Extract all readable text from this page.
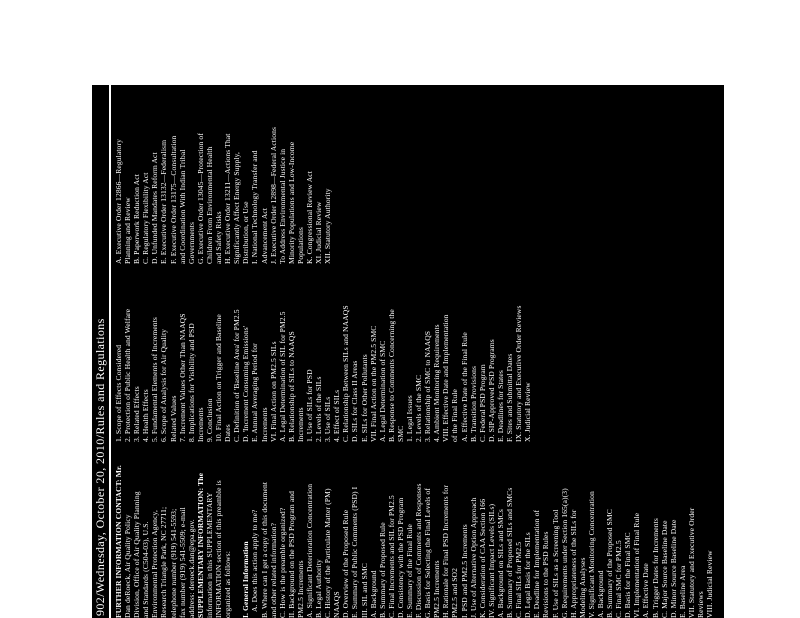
902/Wednesday, October 20, 2010/Rules and Regulations
FURTHER INFORMATION CONTACT: Mr. Dan deRoeck, Air Quality Policy Division, Office of Air Quality Planning and Standards (C504-03), U.S. Environmental Protection Agency, Research Triangle Park, NC 27711; telephone number (919) 541-5593; fax number (919) 541-5509; e-mail address: deroeck.dan@epa.gov. SUPPLEMENTARY INFORMATION: The information in this SUPPLEMENTARY INFORMATION section of this preamble is organized as follows:
I. General Information A. Does this action apply to me? B. Where can I get a copy of this document and other related information? C. How is the preamble organized? II. Background on the PSD Program and PM2.5 Increments A. Significant Deterioration Concentration B. Legal Authority C. History of the Particulate Matter (PM) NAAQS D. Overview of the Proposed Rule E. Summary of Public Comments (PSD) I III. SIL and SMC A. Background B. Summary of Proposed Rule C. Final Increments and SIL for PM2.5 D. Consistency with the PSD Program E. Summary of the Final Rule F. Discussion of Comments and Responses G. Basis for Selecting the Final Levels of PM2.5 Increments H. Rationale for Final PSD Increments for PM2.5 and SO2 I. PSD and PM2.5 Increments J. Use of Alternative Option Approach K. Consideration of CAA Section 166 IV. Significant Impact Levels (SILs) A. Background on SILs and SMCs B. Summary of Proposed SILs and SMCs C. Final SILs for PM2.5 D. Legal Basis for the SILs E. Deadline for Implementation of Revisions to the PSD Rules F. Use of SILs as a Screening Tool G. Requirements under Section 165(a)(3) H. Appropriateness of the SILs for Modeling Analyses V. Significant Monitoring Concentration A. Background B. Summary of the Proposed SMC C. Final SMC for PM2.5 D. Basis for the Final SMC VI. Implementation of Final Rule A. Effective Date B. Trigger Dates for Increments C. Major Source Baseline Date D. Minor Source Baseline Date E. Baseline Area VII. Statutory and Executive Order Reviews VIII. Judicial Review
1. Scope of Effects Considered 2. Protection of Public Health and Welfare 3. Related Effects 4. Health Effects 5. Fundamental Elements of Increments 6. Scope of Analysis for Air Quality Related Values 7. Increment Values Other Than NAAQS 8. Implications for Visibility and PSD Increments 9. Conclusion 10. Final Action on Trigger and Baseline Dates C. Definition of 'Baseline Area' for PM2.5 D. 'Increment Consuming Emissions' E. Annual Averaging Period for Increments VI. Final Action on PM2.5 SILs A. Legal Determination of SIL for PM2.5 B. Relationship of SILs to NAAQS Increments 1. Use of SILs for PSD 2. Levels of the SILs 3. Use of SILs 4. Effect of SILs C. Relationship Between SILs and NAAQS D. SILs for Class II Areas E. SILs for Other Pollutants VII. Final Action on the PM2.5 SMC A. Legal Determination of SMC B. Response to Comments Concerning the SMC 1. Legal Issues 2. Levels of the SMC 3. Relationship of SMC to NAAQS 4. Ambient Monitoring Requirements VIII. Effective Date and Implementation of the Final Rule A. Effective Date of the Final Rule B. Transition Provisions C. Federal PSD Program D. SIP-Approved PSD Programs E. Deadlines for States F. Sites and Submittal Dates IX. Statutory and Executive Order Reviews X. Judicial Review
A. Executive Order 12866—Regulatory Planning and Review B. Paperwork Reduction Act C. Regulatory Flexibility Act D. Unfunded Mandates Reform Act E. Executive Order 13132—Federalism F. Executive Order 13175—Consultation and Coordination With Indian Tribal Governments G. Executive Order 13045—Protection of Children From Environmental Health and Safety Risks H. Executive Order 13211—Actions That Significantly Affect Energy Supply, Distribution, or Use I. National Technology Transfer and Advancement Act J. Executive Order 12898—Federal Actions To Address Environmental Justice in Minority Populations and Low-Income Populations K. Congressional Review Act XI. Judicial Review XII. Statutory Authority
